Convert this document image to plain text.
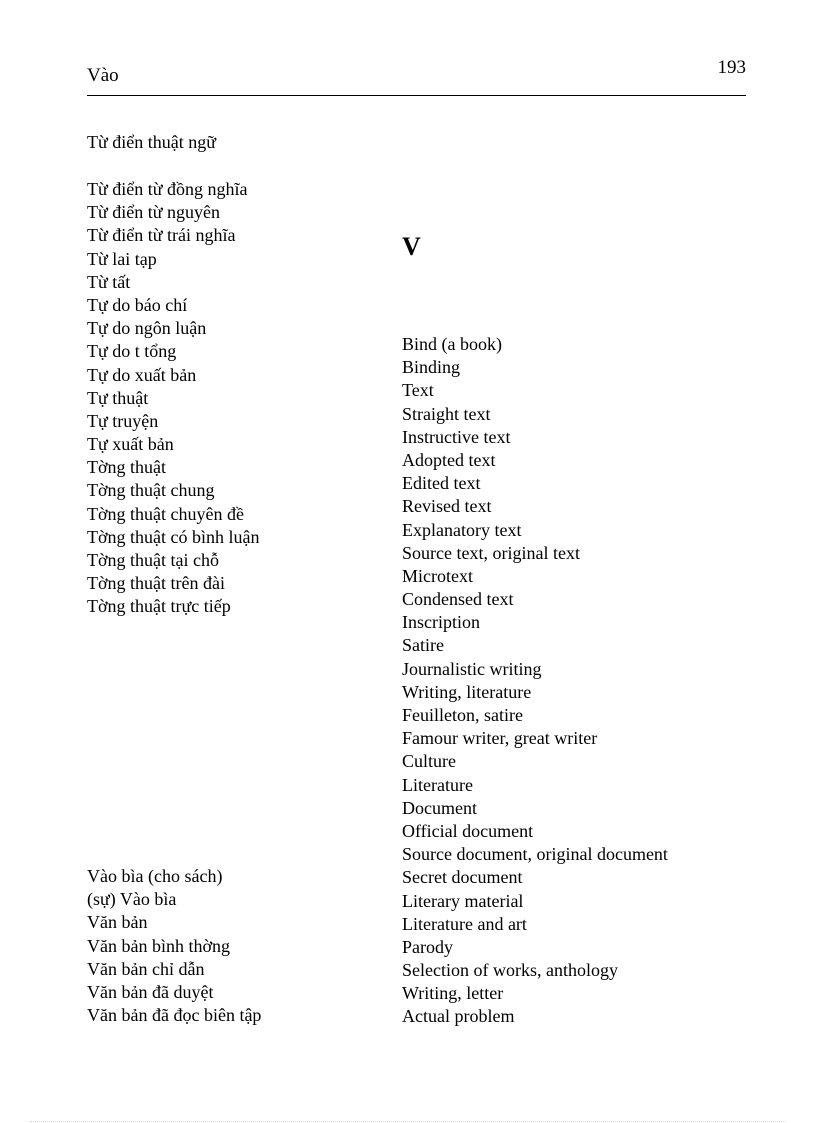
Vào	193
Từ điển thuật ngữ
Từ điển từ đồng nghĩa
Từ điển từ nguyên
Từ điển từ trái nghĩa
Từ lai tạp
Từ tất
Tự do báo chí
Tự do ngôn luận
Tự do t tổng
Tự do xuất bản
Tự thuật
Tự truyện
Tự xuất bản
Tờng thuật
Tờng thuật chung
Tờng thuật chuyên đề
Tờng thuật có bình luận
Tờng thuật tại chỗ
Tờng thuật trên đài
Tờng thuật trực tiếp
V
Bind (a book)
Binding
Text
Straight text
Instructive text
Adopted text
Edited text
Revised text
Explanatory text
Source text, original text
Microtext
Condensed text
Inscription
Satire
Journalistic writing
Writing, literature
Feuilleton, satire
Famour writer, great writer
Culture
Literature
Document
Official document
Source document, original document
Secret document
Literary material
Literature and art
Parody
Selection of works, anthology
Writing, letter
Actual problem
Vào bìa (cho sách)
(sự) Vào bìa
Văn bản
Văn bản bình thờng
Văn bản chỉ dẫn
Văn bản đã duyệt
Văn bản đã đọc biên tập
